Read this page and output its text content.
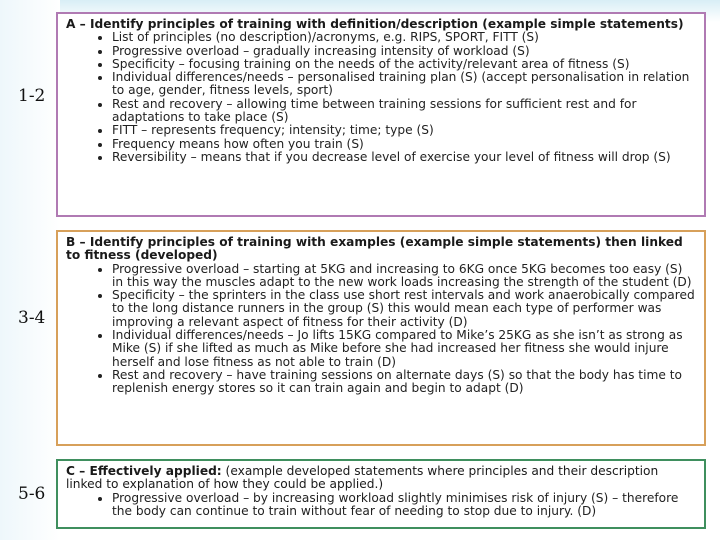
1-2
3-4
5-6
A – Identify principles of training with definition/description (example simple statements)
• List of principles (no description)/acronyms, e.g. RIPS, SPORT, FITT (S)
• Progressive overload – gradually increasing intensity of workload (S)
• Specificity – focusing training on the needs of the activity/relevant area of fitness (S)
• Individual differences/needs – personalised training plan (S) (accept personalisation in relation to age, gender, fitness levels, sport)
• Rest and recovery – allowing time between training sessions for sufficient rest and for adaptations to take place (S)
• FITT – represents frequency; intensity; time; type (S)
• Frequency means how often you train (S)
• Reversibility – means that if you decrease level of exercise your level of fitness will drop (S)
B – Identify principles of training with examples (example simple statements) then linked to fitness (developed)
• Progressive overload – starting at 5KG and increasing to 6KG once 5KG becomes too easy (S) in this way the muscles adapt to the new work loads increasing the strength of the student (D)
• Specificity – the sprinters in the class use short rest intervals and work anaerobically compared to the long distance runners in the group (S) this would mean each type of performer was improving a relevant aspect of fitness for their activity (D)
• Individual differences/needs – Jo lifts 15KG compared to Mike’s 25KG as she isn’t as strong as Mike (S) if she lifted as much as Mike before she had increased her fitness she would injure herself and lose fitness as not able to train (D)
• Rest and recovery – have training sessions on alternate days (S) so that the body has time to replenish energy stores so it can train again and begin to adapt (D)
C – Effectively applied: (example developed statements where principles and their description linked to explanation of how they could be applied.)
• Progressive overload – by increasing workload slightly minimises risk of injury (S) – therefore the body can continue to train without fear of needing to stop due to injury. (D)
